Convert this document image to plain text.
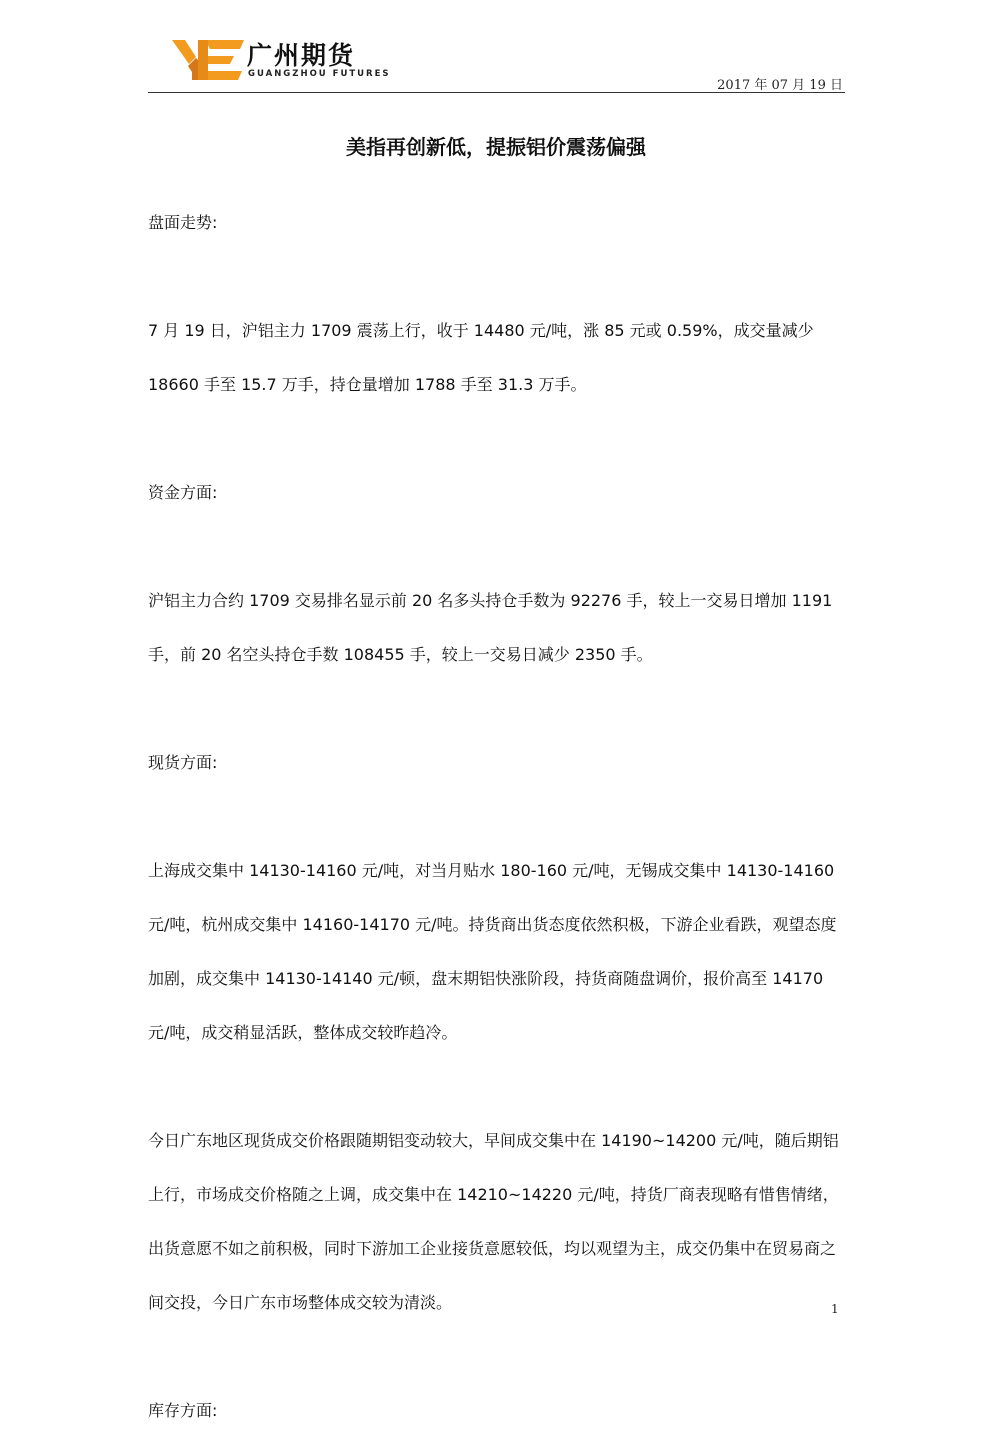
广州期货
GUANGZHOU FUTURES
2017 年 07 月 19 日
美指再创新低，提振铝价震荡偏强

盘面走势:

7 月 19 日，沪铝主力 1709 震荡上行，收于 14480 元/吨，涨 85 元或 0.59%，成交量减少 18660 手至 15.7 万手，持仓量增加 1788 手至 31.3 万手。

资金方面:

沪铝主力合约 1709 交易排名显示前 20 名多头持仓手数为 92276 手，较上一交易日增加 1191 手，前 20 名空头持仓手数 108455 手，较上一交易日减少 2350 手。

现货方面:

上海成交集中 14130-14160 元/吨，对当月贴水 180-160 元/吨，无锡成交集中 14130-14160 元/吨，杭州成交集中 14160-14170 元/吨。持货商出货态度依然积极，下游企业看跌，观望态度加剧，成交集中 14130-14140 元/顿，盘末期铝快涨阶段，持货商随盘调价，报价高至 14170 元/吨，成交稍显活跃，整体成交较昨趋冷。

今日广东地区现货成交价格跟随期铝变动较大，早间成交集中在 14190~14200 元/吨，随后期铝上行，市场成交价格随之上调，成交集中在 14210~14220 元/吨，持货厂商表现略有惜售情绪，出货意愿不如之前积极，同时下游加工企业接货意愿较低，均以观望为主，成交仍集中在贸易商之间交投，今日广东市场整体成交较为清淡。

库存方面:

1
